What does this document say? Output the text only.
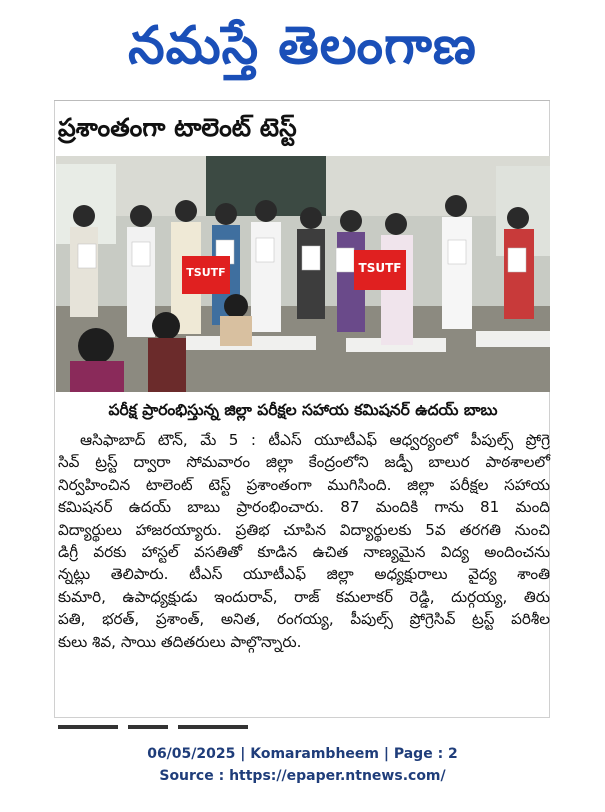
నమస్తే తెలంగాణ
ప్రశాంతంగా టాలెంట్ టెస్ట్
TSUTF	TSUTF
పరీక్ష ప్రారంభిస్తున్న జిల్లా పరీక్షల సహాయ కమిషనర్ ఉదయ్ బాబు
ఆసిఫాబాద్ టౌన్, మే 5 : టీఎస్ యూటీఎఫ్ ఆధ్వర్యంలో పీపుల్స్ ప్రోగ్రె
సివ్ ట్రస్ట్ ద్వారా సోమవారం జిల్లా కేంద్రంలోని జడ్పీ బాలుర పాఠశాలలో
నిర్వహించిన టాలెంట్ టెస్ట్ ప్రశాంతంగా ముగిసింది. జిల్లా పరీక్షల సహాయ
కమిషనర్ ఉదయ్ బాబు ప్రారంభించారు. 87 మందికి గాను 81 మంది
విద్యార్థులు హాజరయ్యారు. ప్రతిభ చూపిన విద్యార్థులకు 5వ తరగతి నుంచి
డిగ్రీ వరకు హాస్టల్ వసతితో కూడిన ఉచిత నాణ్యమైన విద్య అందించను
న్నట్లు తెలిపారు. టీఎస్ యూటీఎఫ్ జిల్లా అధ్యక్షురాలు వైద్య శాంతి
కుమారి, ఉపాధ్యక్షుడు ఇందురావ్, రాజ్ కమలాకర్ రెడ్డి, దుర్గయ్య, తిరు
పతి, భరత్, ప్రశాంత్, అనిత, రంగయ్య, పీపుల్స్ ప్రోగ్రెసివ్ ట్రస్ట్ పరిశీల
కులు శివ, సాయి తదితరులు పాల్గొన్నారు.
06/05/2025 | Komarambheem | Page : 2
Source : https://epaper.ntnews.com/
